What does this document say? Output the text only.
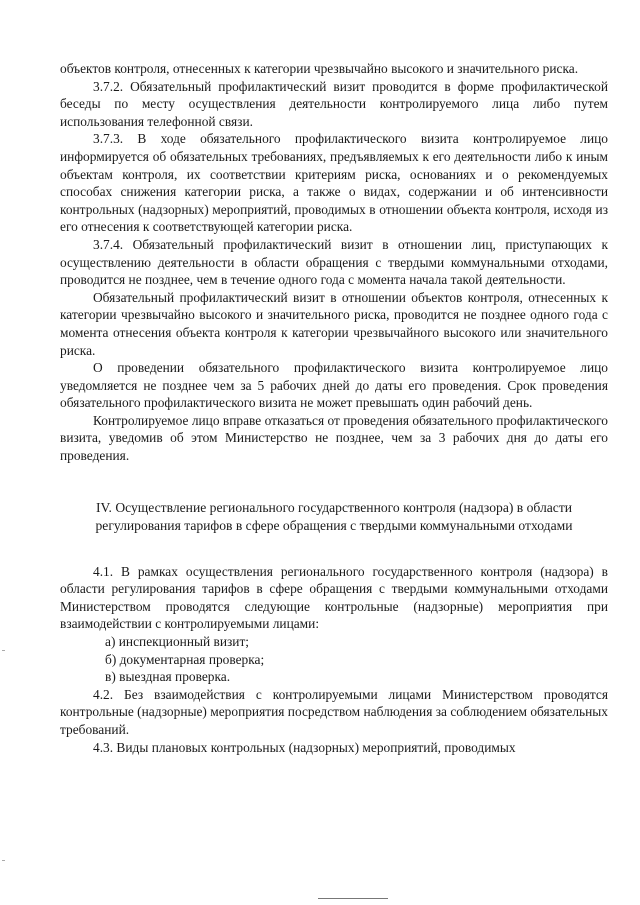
объектов контроля, отнесенных к категории чрезвычайно высокого и значительного риска.

3.7.2. Обязательный профилактический визит проводится в форме профилактической беседы по месту осуществления деятельности контролируемого лица либо путем использования телефонной связи.

3.7.3. В ходе обязательного профилактического визита контролируемое лицо информируется об обязательных требованиях, предъявляемых к его деятельности либо к иным объектам контроля, их соответствии критериям риска, основаниях и о рекомендуемых способах снижения категории риска, а также о видах, содержании и об интенсивности контрольных (надзорных) мероприятий, проводимых в отношении объекта контроля, исходя из его отнесения к соответствующей категории риска.

3.7.4. Обязательный профилактический визит в отношении лиц, приступающих к осуществлению деятельности в области обращения с твердыми коммунальными отходами, проводится не позднее, чем в течение одного года с момента начала такой деятельности.

Обязательный профилактический визит в отношении объектов контроля, отнесенных к категории чрезвычайно высокого и значительного риска, проводится не позднее одного года с момента отнесения объекта контроля к категории чрезвычайного высокого или значительного риска.

О проведении обязательного профилактического визита контролируемое лицо уведомляется не позднее чем за 5 рабочих дней до даты его проведения. Срок проведения обязательного профилактического визита не может превышать один рабочий день.

Контролируемое лицо вправе отказаться от проведения обязательного профилактического визита, уведомив об этом Министерство не позднее, чем за 3 рабочих дня до даты его проведения.

IV. Осуществление регионального государственного контроля (надзора) в области регулирования тарифов в сфере обращения с твердыми коммунальными отходами

4.1. В рамках осуществления регионального государственного контроля (надзора) в области регулирования тарифов в сфере обращения с твердыми коммунальными отходами Министерством проводятся следующие контрольные (надзорные) мероприятия при взаимодействии с контролируемыми лицами:

а) инспекционный визит;

б) документарная проверка;

в) выездная проверка.

4.2. Без взаимодействия с контролируемыми лицами Министерством проводятся контрольные (надзорные) мероприятия посредством наблюдения за соблюдением обязательных требований.

4.3. Виды плановых контрольных (надзорных) мероприятий, проводимых
